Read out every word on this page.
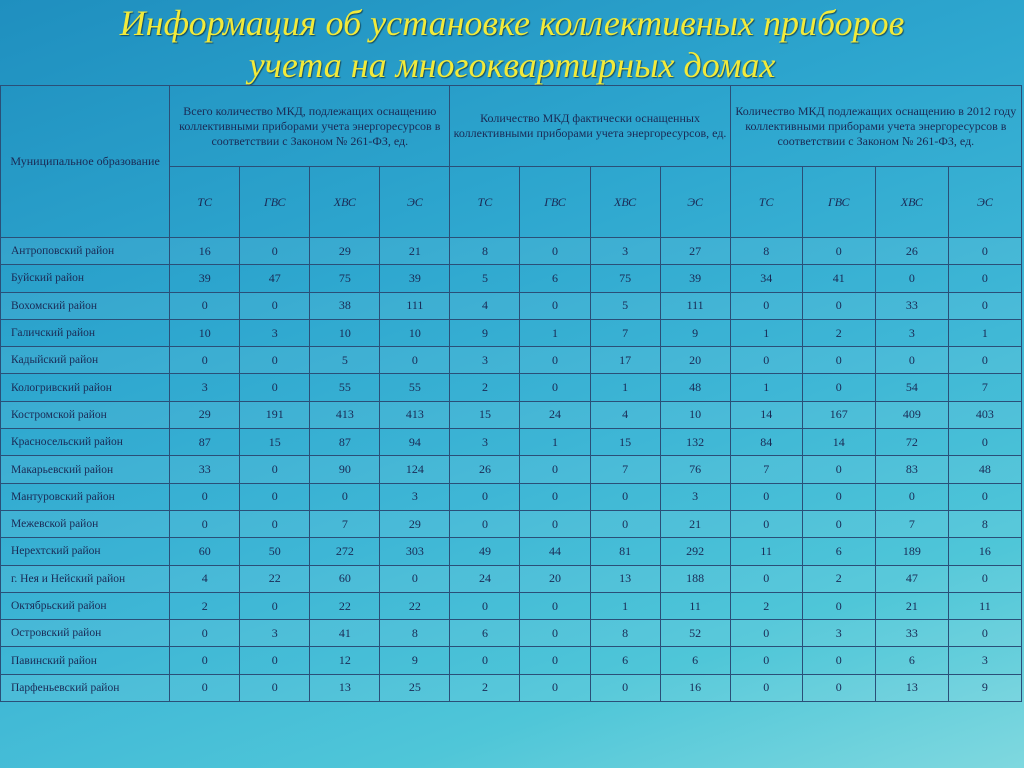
Информация об установке коллективных приборов
учета на многоквартирных домах
Муниципальное образование	Всего количество МКД, подлежащих оснащению коллективными приборами учета энергоресурсов в соответствии с Законом № 261-ФЗ, ед.				Количество МКД фактически оснащенных коллективными приборами учета энергоресурсов, ед.				Количество МКД подлежащих оснащению в 2012 году коллективными приборами учета энергоресурсов в соответствии с Законом № 261-ФЗ, ед.			
	ТС	ГВС	ХВС	ЭС	ТС	ГВС	ХВС	ЭС	ТС	ГВС	ХВС	ЭС
Антроповский район	16	0	29	21	8	0	3	27	8	0	26	0
Буйский район	39	47	75	39	5	6	75	39	34	41	0	0
Вохомский район	0	0	38	111	4	0	5	111	0	0	33	0
Галичский район	10	3	10	10	9	1	7	9	1	2	3	1
Кадыйский район	0	0	5	0	3	0	17	20	0	0	0	0
Кологривский район	3	0	55	55	2	0	1	48	1	0	54	7
Костромской район	29	191	413	413	15	24	4	10	14	167	409	403
Красносельский район	87	15	87	94	3	1	15	132	84	14	72	0
Макарьевский район	33	0	90	124	26	0	7	76	7	0	83	48
Мантуровский район	0	0	0	3	0	0	0	3	0	0	0	0
Межевской район	0	0	7	29	0	0	0	21	0	0	7	8
Нерехтский район	60	50	272	303	49	44	81	292	11	6	189	16
г. Нея и Нейский район	4	22	60	0	24	20	13	188	0	2	47	0
Октябрьский район	2	0	22	22	0	0	1	11	2	0	21	11
Островский район	0	3	41	8	6	0	8	52	0	3	33	0
Павинский район	0	0	12	9	0	0	6	6	0	0	6	3
Парфеньевский район	0	0	13	25	2	0	0	16	0	0	13	9
